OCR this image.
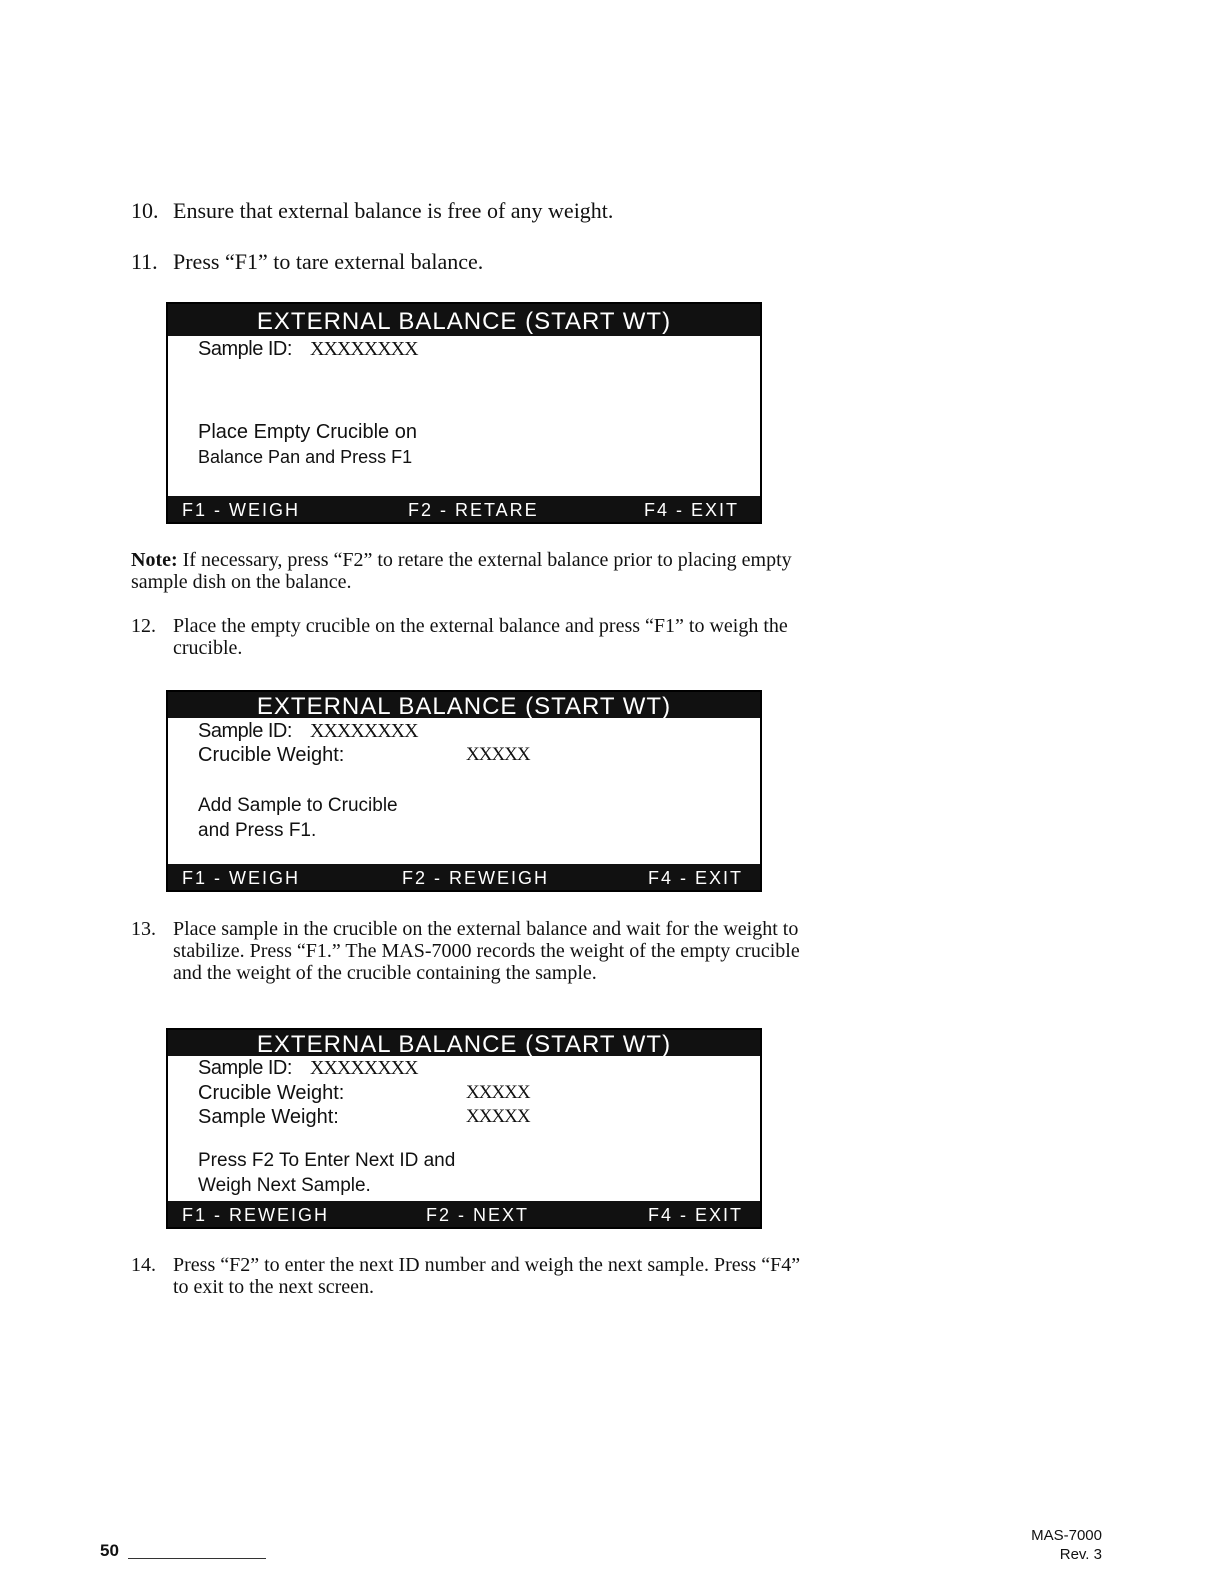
10. Ensure that external balance is free of any weight.
11. Press “F1” to tare external balance.
EXTERNAL BALANCE (START WT)
Sample ID: XXXXXXXX
Place Empty Crucible on
Balance Pan and Press F1
F1 - WEIGH	F2 - RETARE	F4 - EXIT
Note: If necessary, press “F2” to retare the external balance prior to placing empty sample dish on the balance.
12. Place the empty crucible on the external balance and press “F1” to weigh the crucible.
EXTERNAL BALANCE (START WT)
Sample ID: XXXXXXXX
Crucible Weight:	XXXXX
Add Sample to Crucible
and Press F1.
F1 - WEIGH	F2 - REWEIGH	F4 - EXIT
13. Place sample in the crucible on the external balance and wait for the weight to stabilize. Press “F1.” The MAS-7000 records the weight of the empty crucible and the weight of the crucible containing the sample.
EXTERNAL BALANCE (START WT)
Sample ID: XXXXXXXX
Crucible Weight:	XXXXX
Sample Weight:	XXXXX
Press F2 To Enter Next ID and
Weigh Next Sample.
F1 - REWEIGH	F2 - NEXT	F4 - EXIT
14. Press “F2” to enter the next ID number and weigh the next sample. Press “F4” to exit to the next screen.
50
MAS-7000
Rev. 3
